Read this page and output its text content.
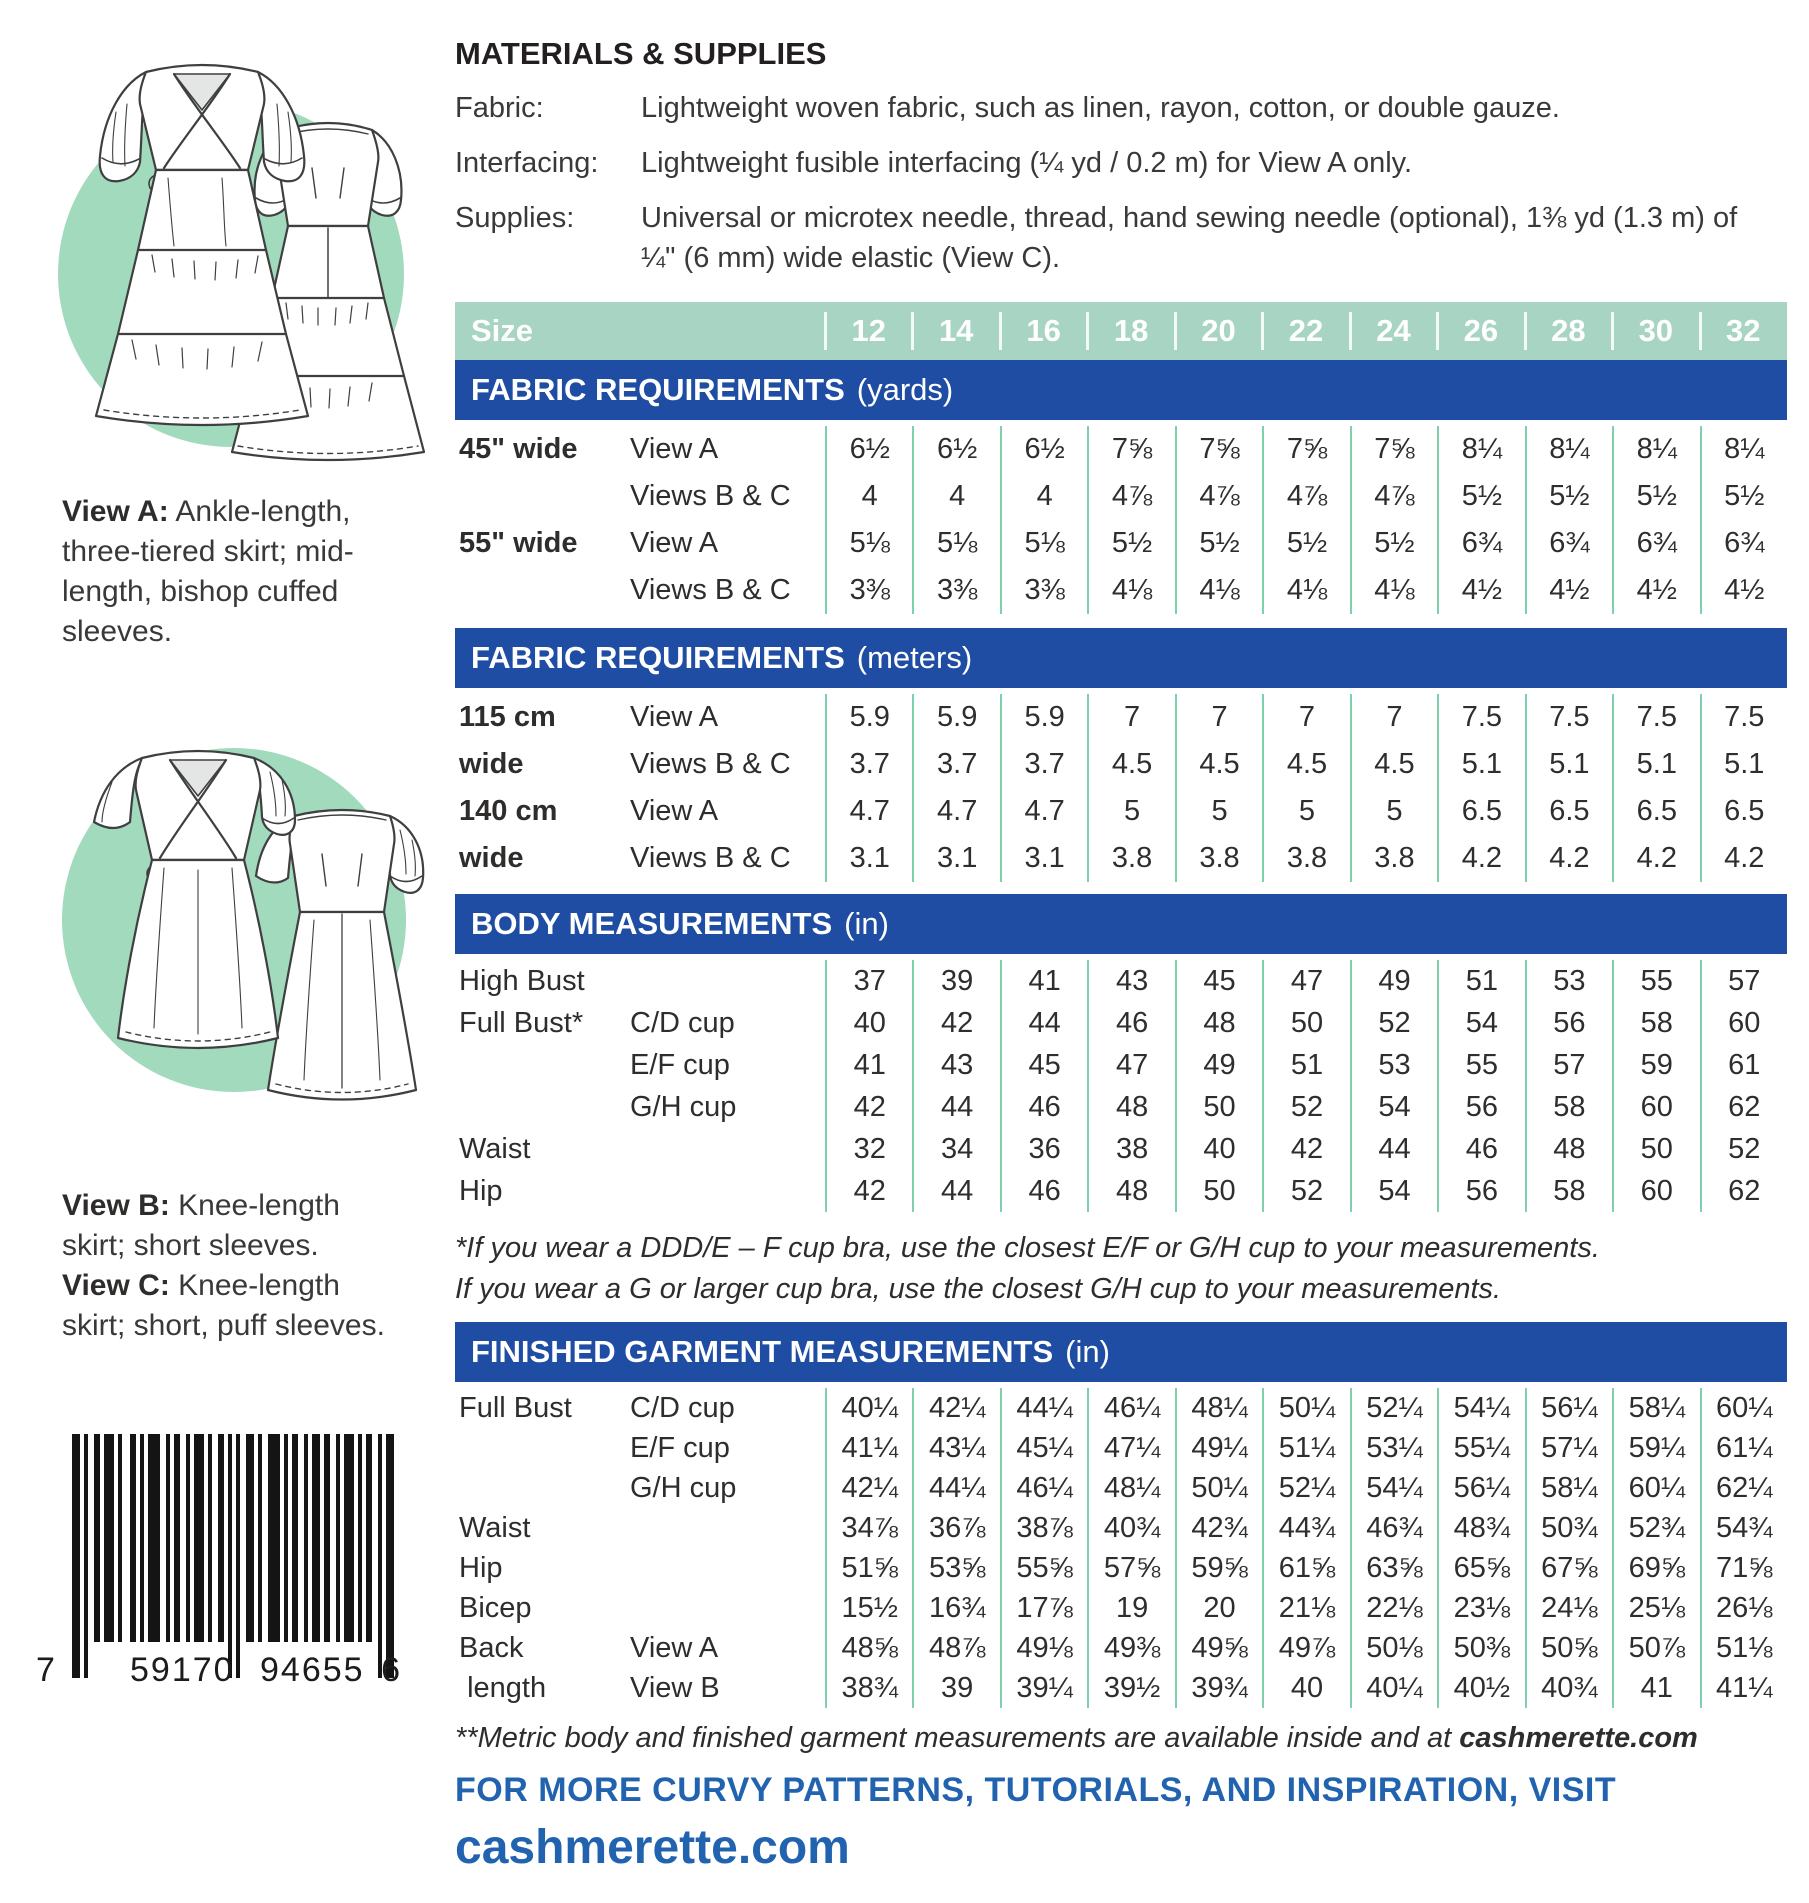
View A: Ankle-length, three-tiered skirt; mid-length, bishop cuffed sleeves.
View B: Knee-length skirt; short sleeves.
View C: Knee-length skirt; short, puff sleeves.
7 59170 94655 6
MATERIALS & SUPPLIES
Fabric:	Lightweight woven fabric, such as linen, rayon, cotton, or double gauze.
Interfacing:	Lightweight fusible interfacing (¼ yd / 0.2 m) for View A only.
Supplies:	Universal or microtex needle, thread, hand sewing needle (optional), 1⅜ yd (1.3 m) of ¼" (6 mm) wide elastic (View C).
Size	12	14	16	18	20	22	24	26	28	30	32
FABRIC REQUIREMENTS (yards)
45" wide	View A	6½	6½	6½	7⅝	7⅝	7⅝	7⅝	8¼	8¼	8¼	8¼
Views B & C	4	4	4	4⅞	4⅞	4⅞	4⅞	5½	5½	5½	5½
55" wide	View A	5⅛	5⅛	5⅛	5½	5½	5½	5½	6¾	6¾	6¾	6¾
Views B & C	3⅜	3⅜	3⅜	4⅛	4⅛	4⅛	4⅛	4½	4½	4½	4½
FABRIC REQUIREMENTS (meters)
115 cm	View A	5.9	5.9	5.9	7	7	7	7	7.5	7.5	7.5	7.5
wide	Views B & C	3.7	3.7	3.7	4.5	4.5	4.5	4.5	5.1	5.1	5.1	5.1
140 cm	View A	4.7	4.7	4.7	5	5	5	5	6.5	6.5	6.5	6.5
wide	Views B & C	3.1	3.1	3.1	3.8	3.8	3.8	3.8	4.2	4.2	4.2	4.2
BODY MEASUREMENTS (in)
High Bust	37	39	41	43	45	47	49	51	53	55	57
Full Bust*	C/D cup	40	42	44	46	48	50	52	54	56	58	60
E/F cup	41	43	45	47	49	51	53	55	57	59	61
G/H cup	42	44	46	48	50	52	54	56	58	60	62
Waist	32	34	36	38	40	42	44	46	48	50	52
Hip	42	44	46	48	50	52	54	56	58	60	62
*If you wear a DDD/E – F cup bra, use the closest E/F or G/H cup to your measurements.
If you wear a G or larger cup bra, use the closest G/H cup to your measurements.
FINISHED GARMENT MEASUREMENTS (in)
Full Bust	C/D cup	40¼	42¼	44¼	46¼	48¼	50¼	52¼	54¼	56¼	58¼	60¼
E/F cup	41¼	43¼	45¼	47¼	49¼	51¼	53¼	55¼	57¼	59¼	61¼
G/H cup	42¼	44¼	46¼	48¼	50¼	52¼	54¼	56¼	58¼	60¼	62¼
Waist	34⅞	36⅞	38⅞	40¾	42¾	44¾	46¾	48¾	50¾	52¾	54¾
Hip	51⅝	53⅝	55⅝	57⅝	59⅝	61⅝	63⅝	65⅝	67⅝	69⅝	71⅝
Bicep	15½	16¾	17⅞	19	20	21⅛	22⅛	23⅛	24⅛	25⅛	26⅛
Back	View A	48⅝	48⅞	49⅛	49⅜	49⅝	49⅞	50⅛	50⅜	50⅝	50⅞	51⅛
length	View B	38¾	39	39¼	39½	39¾	40	40¼	40½	40¾	41	41¼
**Metric body and finished garment measurements are available inside and at cashmerette.com
FOR MORE CURVY PATTERNS, TUTORIALS, AND INSPIRATION, VISIT
cashmerette.com
